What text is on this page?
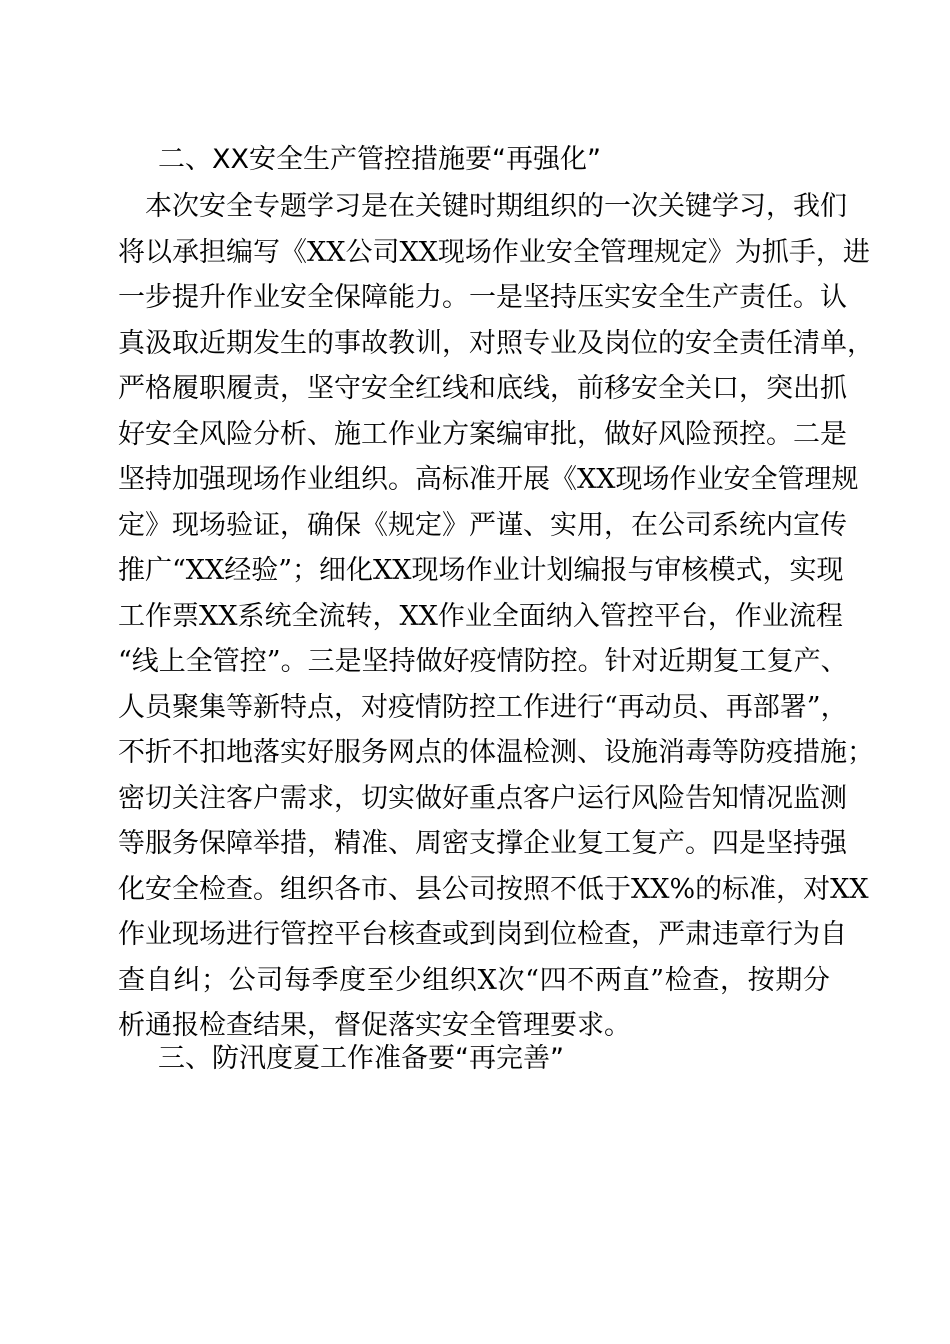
二、XX安全生产管控措施要“再强化”
　本次安全专题学习是在关键时期组织的一次关键学习，我们
将以承担编写《XX公司XX现场作业安全管理规定》为抓手，进
一步提升作业安全保障能力。一是坚持压实安全生产责任。认
真汲取近期发生的事故教训，对照专业及岗位的安全责任清单，
严格履职履责，坚守安全红线和底线，前移安全关口，突出抓
好安全风险分析、施工作业方案编审批，做好风险预控。二是
坚持加强现场作业组织。高标准开展《XX现场作业安全管理规
定》现场验证，确保《规定》严谨、实用，在公司系统内宣传
推广“XX经验”；细化XX现场作业计划编报与审核模式，实现
工作票XX系统全流转，XX作业全面纳入管控平台，作业流程
“线上全管控”。三是坚持做好疫情防控。针对近期复工复产、
人员聚集等新特点，对疫情防控工作进行“再动员、再部署”，
不折不扣地落实好服务网点的体温检测、设施消毒等防疫措施；
密切关注客户需求，切实做好重点客户运行风险告知情况监测
等服务保障举措，精准、周密支撑企业复工复产。四是坚持强
化安全检查。组织各市、县公司按照不低于XX%的标准，对XX
作业现场进行管控平台核查或到岗到位检查，严肃违章行为自
查自纠；公司每季度至少组织X次“四不两直”检查，按期分
析通报检查结果，督促落实安全管理要求。
三、防汛度夏工作准备要“再完善”
